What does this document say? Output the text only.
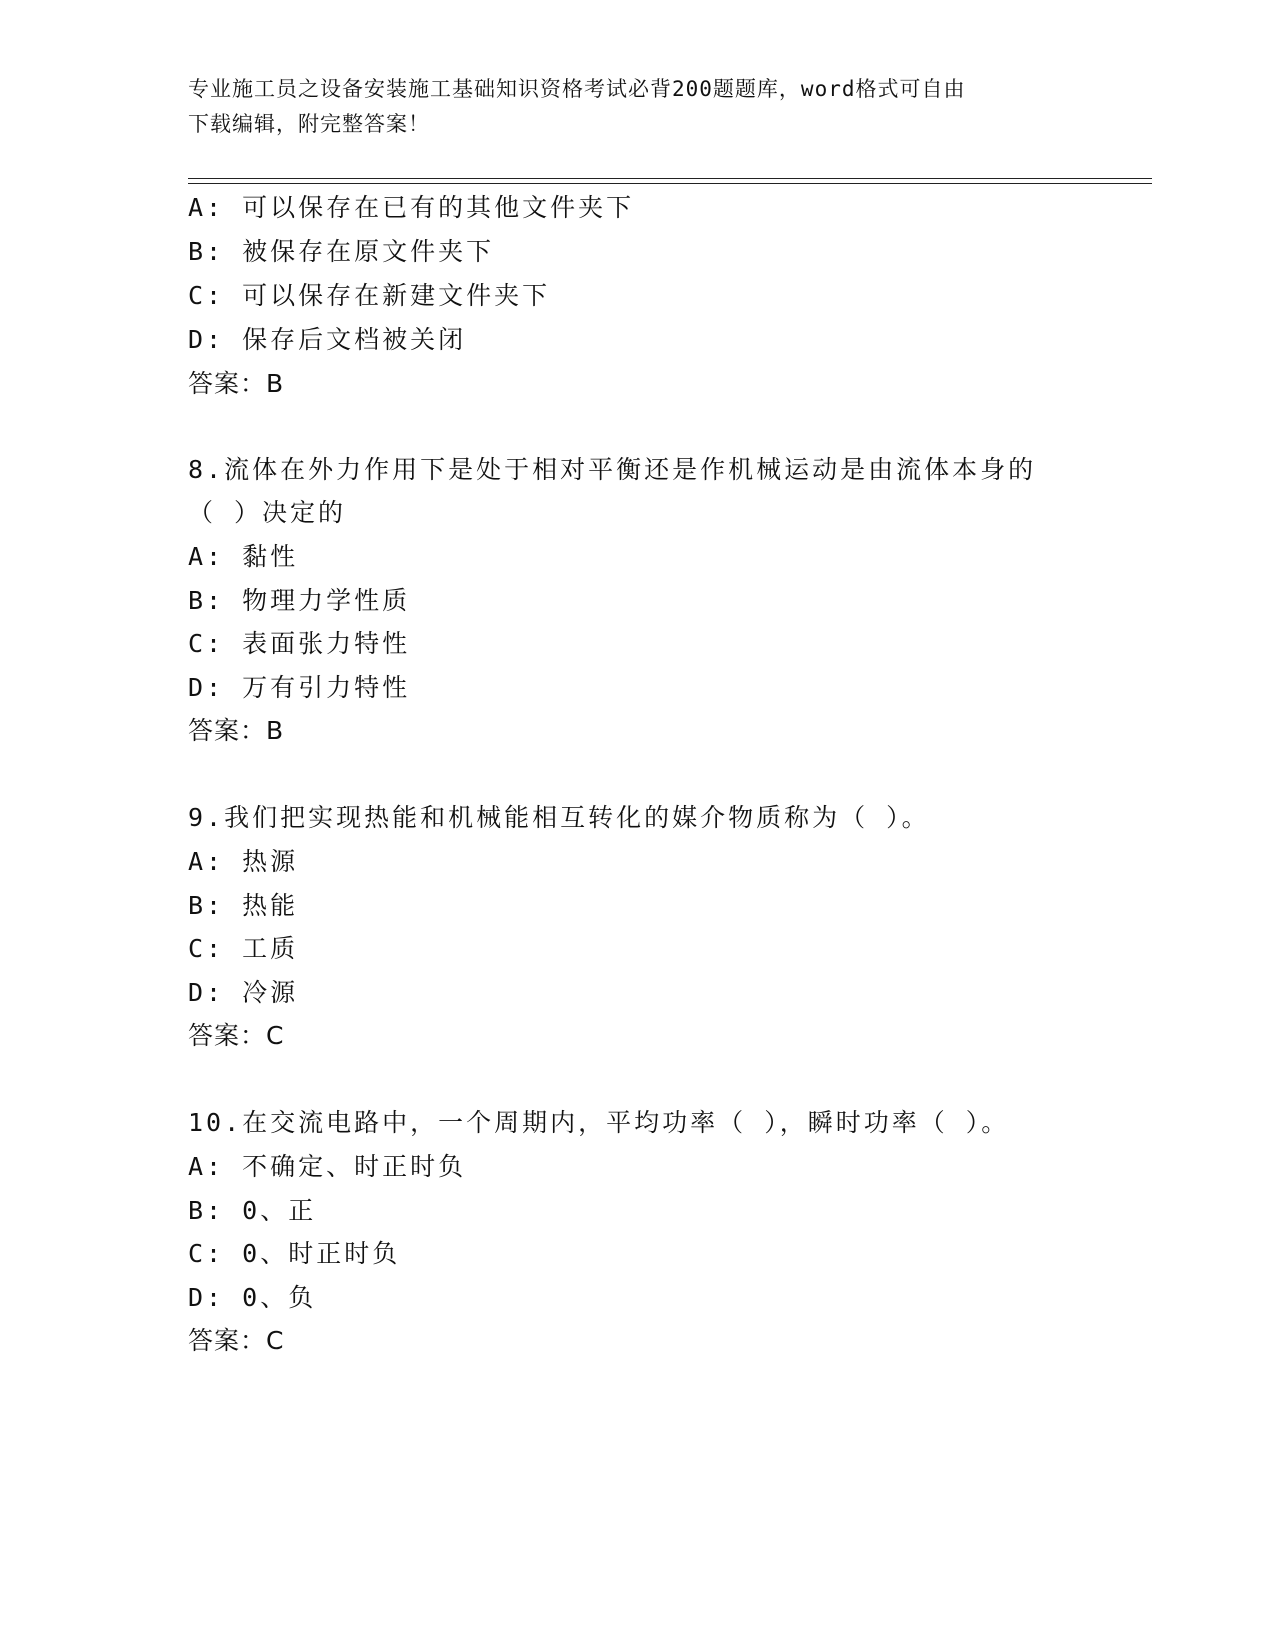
专业施工员之设备安装施工基础知识资格考试必背200题题库，word格式可自由
下载编辑，附完整答案！
A: 可以保存在已有的其他文件夹下
B: 被保存在原文件夹下
C: 可以保存在新建文件夹下
D: 保存后文档被关闭
答案：B
8.流体在外力作用下是处于相对平衡还是作机械运动是由流体本身的
（ ）决定的
A: 黏性
B: 物理力学性质
C: 表面张力特性
D: 万有引力特性
答案：B
9.我们把实现热能和机械能相互转化的媒介物质称为（ ）。
A: 热源
B: 热能
C: 工质
D: 冷源
答案：C
10.在交流电路中，一个周期内，平均功率（ ），瞬时功率（ ）。
A: 不确定、时正时负
B: 0、正
C: 0、时正时负
D: 0、负
答案：C
